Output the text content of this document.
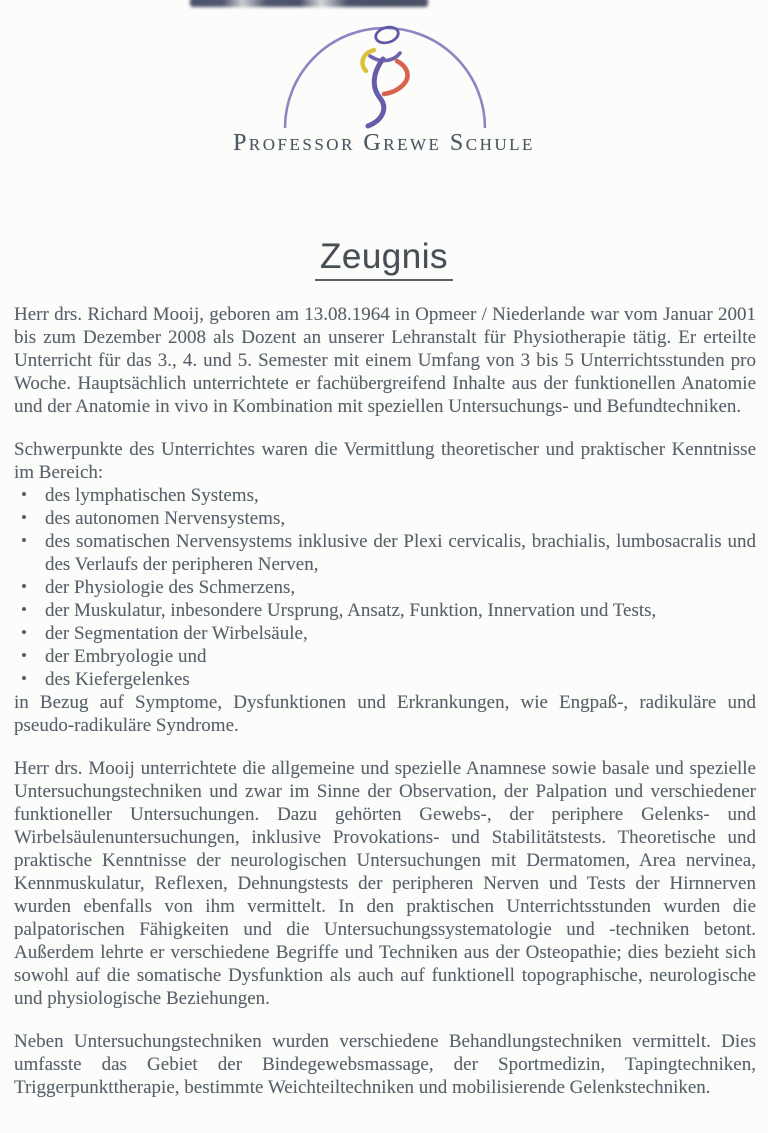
Professor Grewe Schule
Zeugnis

Herr drs. Richard Mooij, geboren am 13.08.1964 in Opmeer / Niederlande war vom Januar 2001 bis zum Dezember 2008 als Dozent an unserer Lehranstalt für Physiotherapie tätig. Er erteilte Unterricht für das 3., 4. und 5. Semester mit einem Umfang von 3 bis 5 Unterrichtsstunden pro Woche. Hauptsächlich unterrichtete er fachübergreifend Inhalte aus der funktionellen Anatomie und der Anatomie in vivo in Kombination mit speziellen Untersuchungs- und Befundtechniken.

Schwerpunkte des Unterrichtes waren die Vermittlung theoretischer und praktischer Kenntnisse im Bereich:

• des lymphatischen Systems,
• des autonomen Nervensystems,
• des somatischen Nervensystems inklusive der Plexi cervicalis, brachialis, lumbosacralis und des Verlaufs der peripheren Nerven,
• der Physiologie des Schmerzens,
• der Muskulatur, inbesondere Ursprung, Ansatz, Funktion, Innervation und Tests,
• der Segmentation der Wirbelsäule,
• der Embryologie und
• des Kiefergelenkes

in Bezug auf Symptome, Dysfunktionen und Erkrankungen, wie Engpaß-, radikuläre und pseudo-radikuläre Syndrome.

Herr drs. Mooij unterrichtete die allgemeine und spezielle Anamnese sowie basale und spezielle Untersuchungstechniken und zwar im Sinne der Observation, der Palpation und verschiedener funktioneller Untersuchungen. Dazu gehörten Gewebs-, der periphere Gelenks- und Wirbelsäulenuntersuchungen, inklusive Provokations- und Stabilitätstests. Theoretische und praktische Kenntnisse der neurologischen Untersuchungen mit Dermatomen, Area nervinea, Kennmuskulatur, Reflexen, Dehnungstests der peripheren Nerven und Tests der Hirnnerven wurden ebenfalls von ihm vermittelt. In den praktischen Unterrichtsstunden wurden die palpatorischen Fähigkeiten und die Untersuchungssystematologie und -techniken betont. Außerdem lehrte er verschiedene Begriffe und Techniken aus der Osteopathie; dies bezieht sich sowohl auf die somatische Dysfunktion als auch auf funktionell topographische, neurologische und physiologische Beziehungen.

Neben Untersuchungstechniken wurden verschiedene Behandlungstechniken vermittelt. Dies umfasste das Gebiet der Bindegewebsmassage, der Sportmedizin, Tapingtechniken, Triggerpunkttherapie, bestimmte Weichteiltechniken und mobilisierende Gelenkstechniken.
